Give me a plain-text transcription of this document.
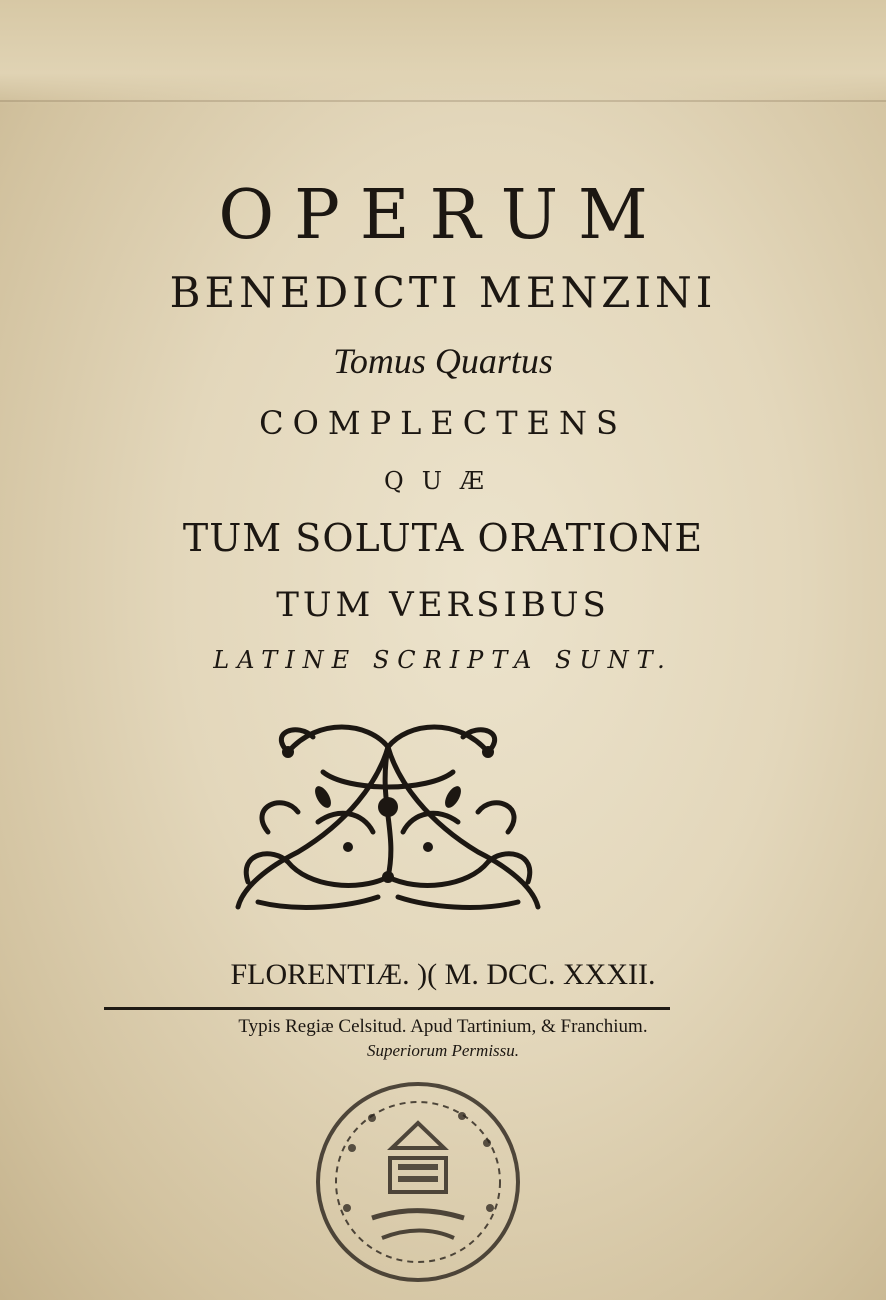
OPERUM
BENEDICTI MENZINI
Tomus Quartus
COMPLECTENS
QUÆ
TUM SOLUTA ORATIONE
TUM VERSIBUS
LATINE SCRIPTA SUNT.
FLORENTIÆ. )( M. DCC. XXXII.
Typis Regiæ Celsitud. Apud Tartinium, & Franchium.
Superiorum Permissu.
